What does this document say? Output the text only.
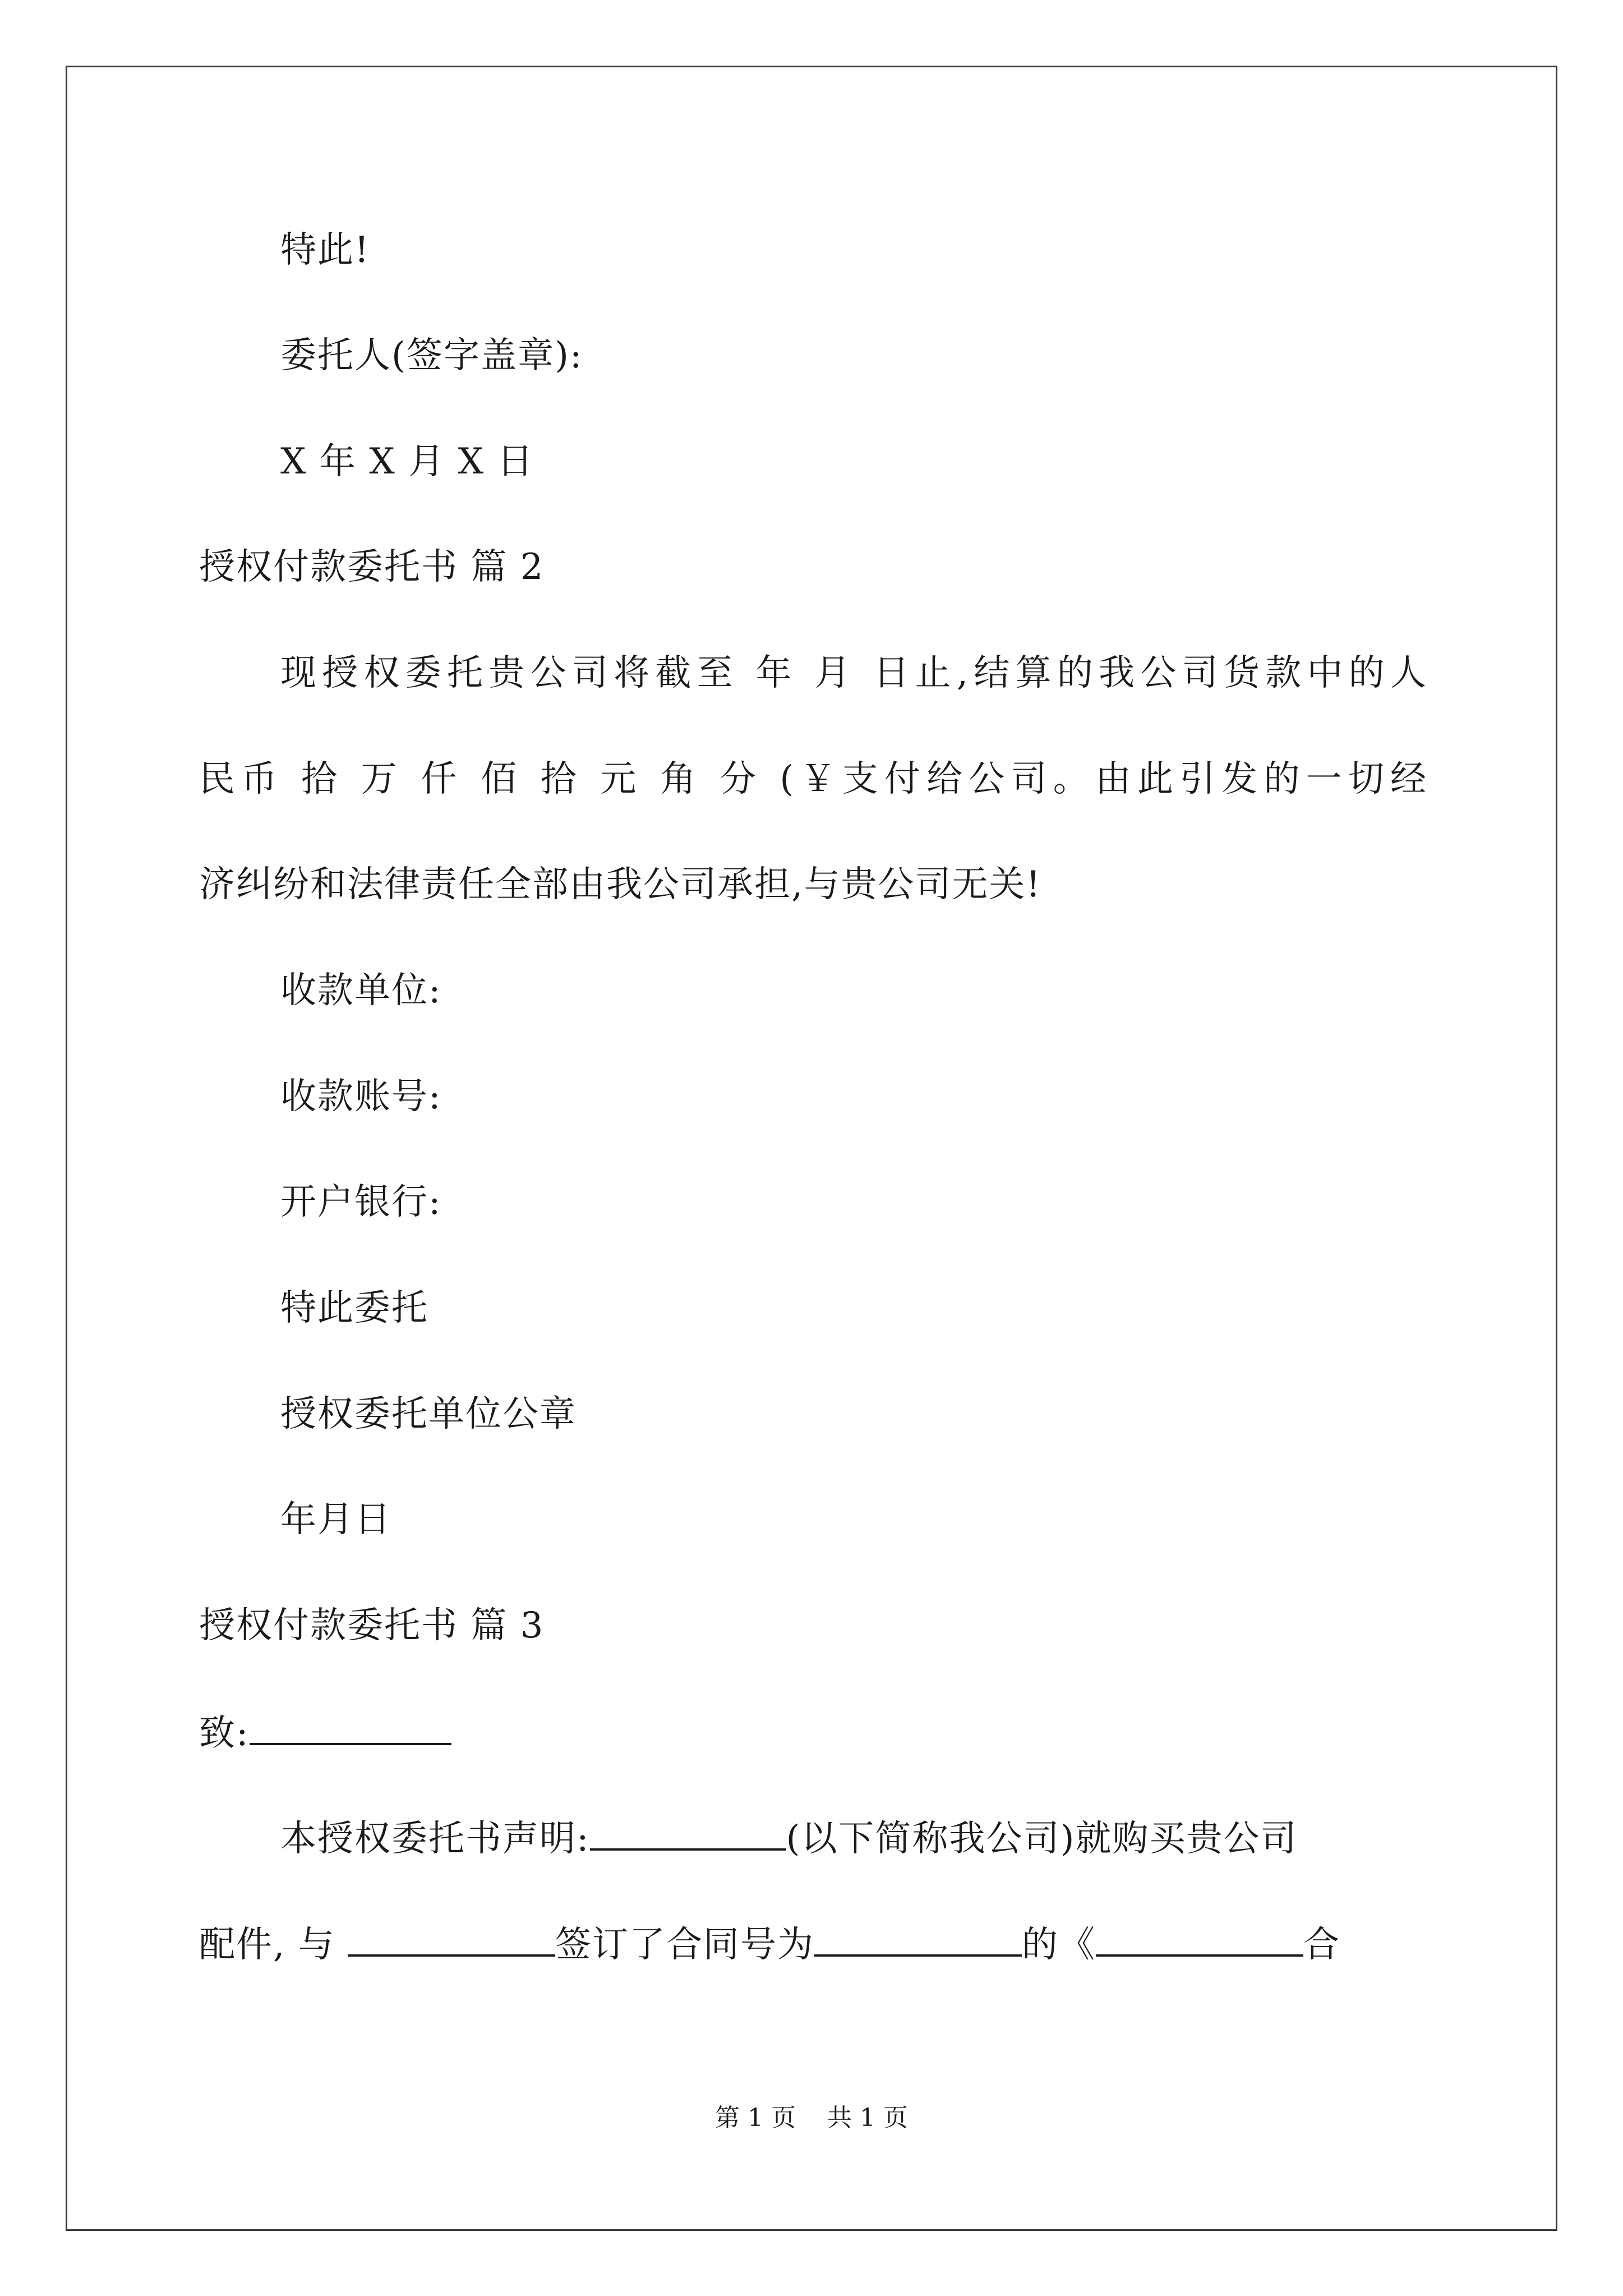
特此!
委托人(签字盖章):
X 年 X 月 X 日
授权付款委托书 篇 2
现授权委托贵公司将截至 年 月 日止,结算的我公司货款中的人
民币 拾 万 仟 佰 拾 元 角 分 (￥支付给公司。由此引发的一切经
济纠纷和法律责任全部由我公司承担,与贵公司无关!
收款单位:
收款账号:
开户银行:
特此委托
授权委托单位公章
年月日
授权付款委托书 篇 3
致:
本授权委托书声明:	(以下简称我公司)就购买贵公司
配件, 与	签订了合同号为	的《	合
第 1 页    共 1 页
